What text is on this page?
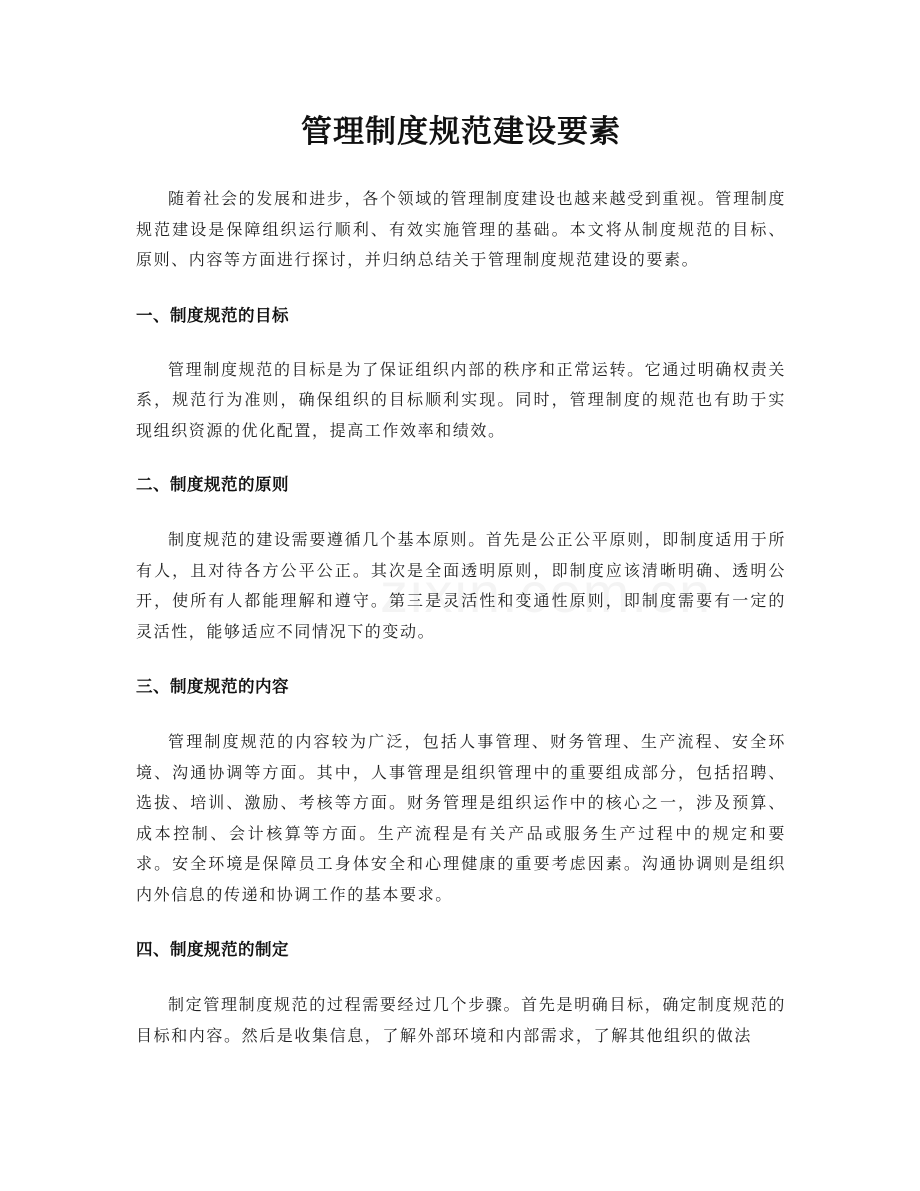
管理制度规范建设要素

随着社会的发展和进步，各个领域的管理制度建设也越来越受到重视。管理制度规范建设是保障组织运行顺利、有效实施管理的基础。本文将从制度规范的目标、原则、内容等方面进行探讨，并归纳总结关于管理制度规范建设的要素。

一、制度规范的目标

管理制度规范的目标是为了保证组织内部的秩序和正常运转。它通过明确权责关系，规范行为准则，确保组织的目标顺利实现。同时，管理制度的规范也有助于实现组织资源的优化配置，提高工作效率和绩效。

二、制度规范的原则

制度规范的建设需要遵循几个基本原则。首先是公正公平原则，即制度适用于所有人，且对待各方公平公正。其次是全面透明原则，即制度应该清晰明确、透明公开，使所有人都能理解和遵守。第三是灵活性和变通性原则，即制度需要有一定的灵活性，能够适应不同情况下的变动。

三、制度规范的内容

管理制度规范的内容较为广泛，包括人事管理、财务管理、生产流程、安全环境、沟通协调等方面。其中，人事管理是组织管理中的重要组成部分，包括招聘、选拔、培训、激励、考核等方面。财务管理是组织运作中的核心之一，涉及预算、成本控制、会计核算等方面。生产流程是有关产品或服务生产过程中的规定和要求。安全环境是保障员工身体安全和心理健康的重要考虑因素。沟通协调则是组织内外信息的传递和协调工作的基本要求。

四、制度规范的制定

制定管理制度规范的过程需要经过几个步骤。首先是明确目标，确定制度规范的目标和内容。然后是收集信息，了解外部环境和内部需求，了解其他组织的做法
